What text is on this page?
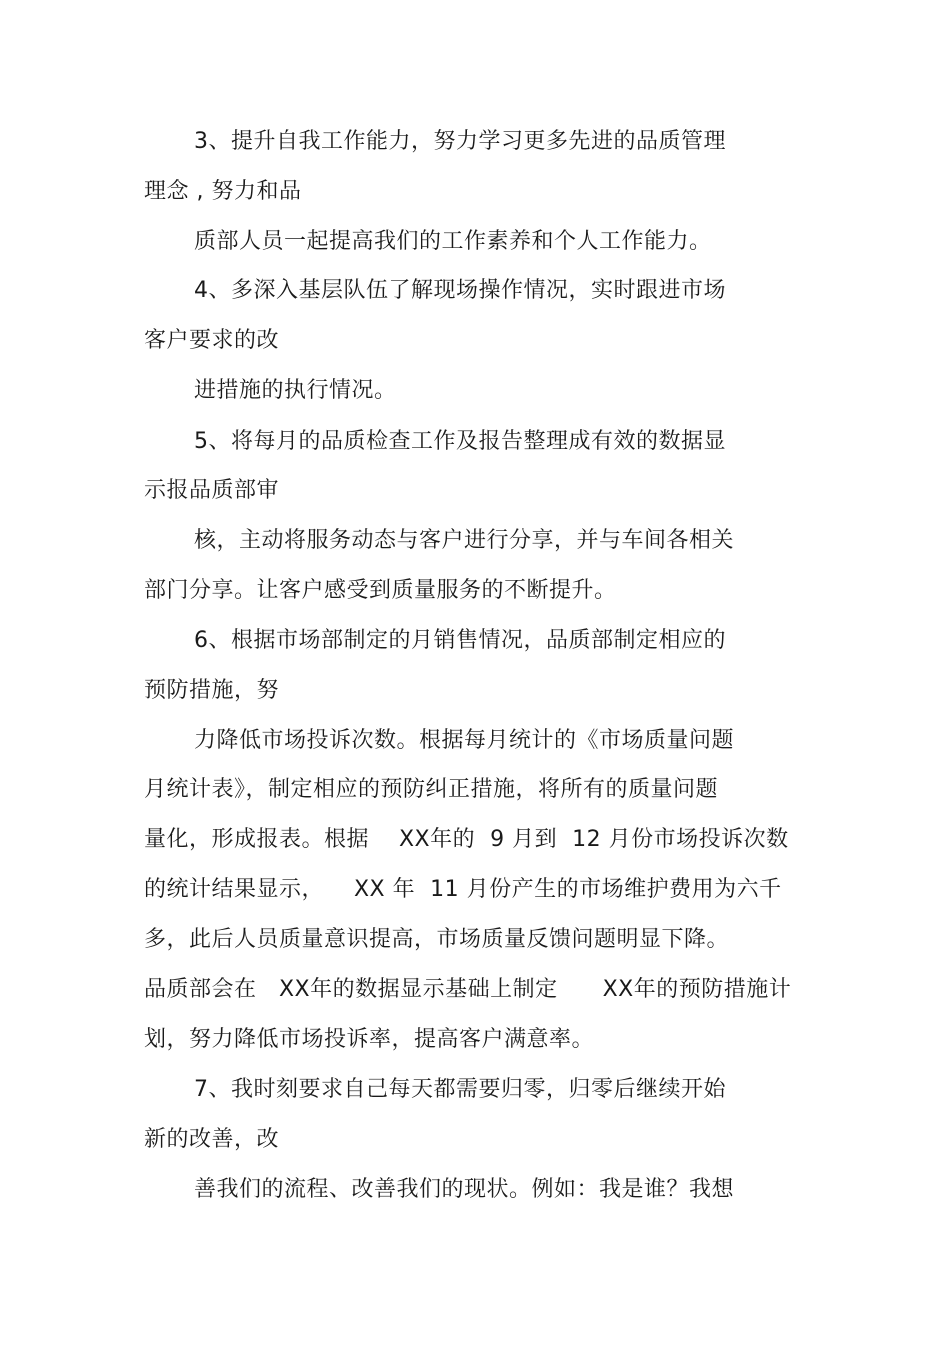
3、提升自我工作能力，努力学习更多先进的品质管理
理念 , 努力和品
质部人员一起提高我们的工作素养和个人工作能力。
4、多深入基层队伍了解现场操作情况，实时跟进市场
客户要求的改
进措施的执行情况。
5、将每月的品质检查工作及报告整理成有效的数据显
示报品质部审
核，主动将服务动态与客户进行分享，并与车间各相关
部门分享。让客户感受到质量服务的不断提升。
6、根据市场部制定的月销售情况，品质部制定相应的
预防措施，努
力降低市场投诉次数。根据每月统计的《市场质量问题
月统计表》，制定相应的预防纠正措施，将所有的质量问题
量化，形成报表。根据    XX年的  9 月到  12 月份市场投诉次数
的统计结果显示，    XX 年  11 月份产生的市场维护费用为六千
多，此后人员质量意识提高，市场质量反馈问题明显下降。
品质部会在   XX年的数据显示基础上制定      XX年的预防措施计
划，努力降低市场投诉率，提高客户满意率。
7、我时刻要求自己每天都需要归零，归零后继续开始
新的改善，改
善我们的流程、改善我们的现状。例如：我是谁？我想
